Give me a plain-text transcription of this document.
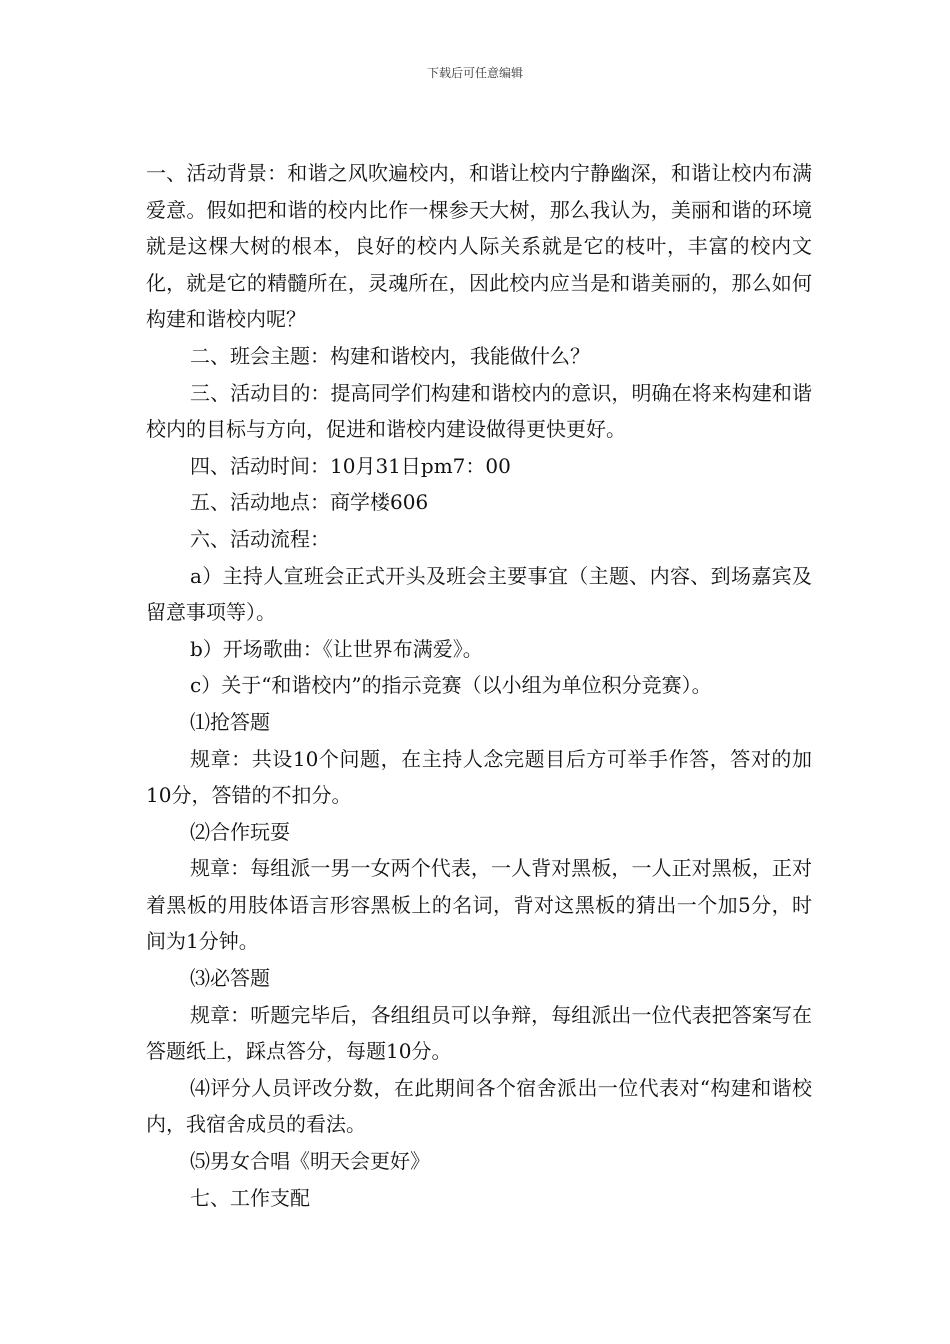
下载后可任意编辑

一、活动背景：和谐之风吹遍校内，和谐让校内宁静幽深，和谐让校内布满爱意。假如把和谐的校内比作一棵参天大树，那么我认为，美丽和谐的环境就是这棵大树的根本，良好的校内人际关系就是它的枝叶，丰富的校内文化，就是它的精髓所在，灵魂所在，因此校内应当是和谐美丽的，那么如何构建和谐校内呢？

二、班会主题：构建和谐校内，我能做什么？

三、活动目的：提高同学们构建和谐校内的意识，明确在将来构建和谐校内的目标与方向，促进和谐校内建设做得更快更好。

四、活动时间：10月31日pm7：00

五、活动地点：商学楼606

六、活动流程：

a）主持人宣班会正式开头及班会主要事宜（主题、内容、到场嘉宾及留意事项等）。

b）开场歌曲：《让世界布满爱》。

c）关于“和谐校内”的指示竞赛（以小组为单位积分竞赛）。

⑴抢答题

规章：共设10个问题，在主持人念完题目后方可举手作答，答对的加10分，答错的不扣分。

⑵合作玩耍

规章：每组派一男一女两个代表，一人背对黑板，一人正对黑板，正对着黑板的用肢体语言形容黑板上的名词，背对这黑板的猜出一个加5分，时间为1分钟。

⑶必答题

规章：听题完毕后，各组组员可以争辩，每组派出一位代表把答案写在答题纸上，踩点答分，每题10分。

⑷评分人员评改分数，在此期间各个宿舍派出一位代表对“构建和谐校内，我宿舍成员的看法。

⑸男女合唱《明天会更好》

七、工作支配
